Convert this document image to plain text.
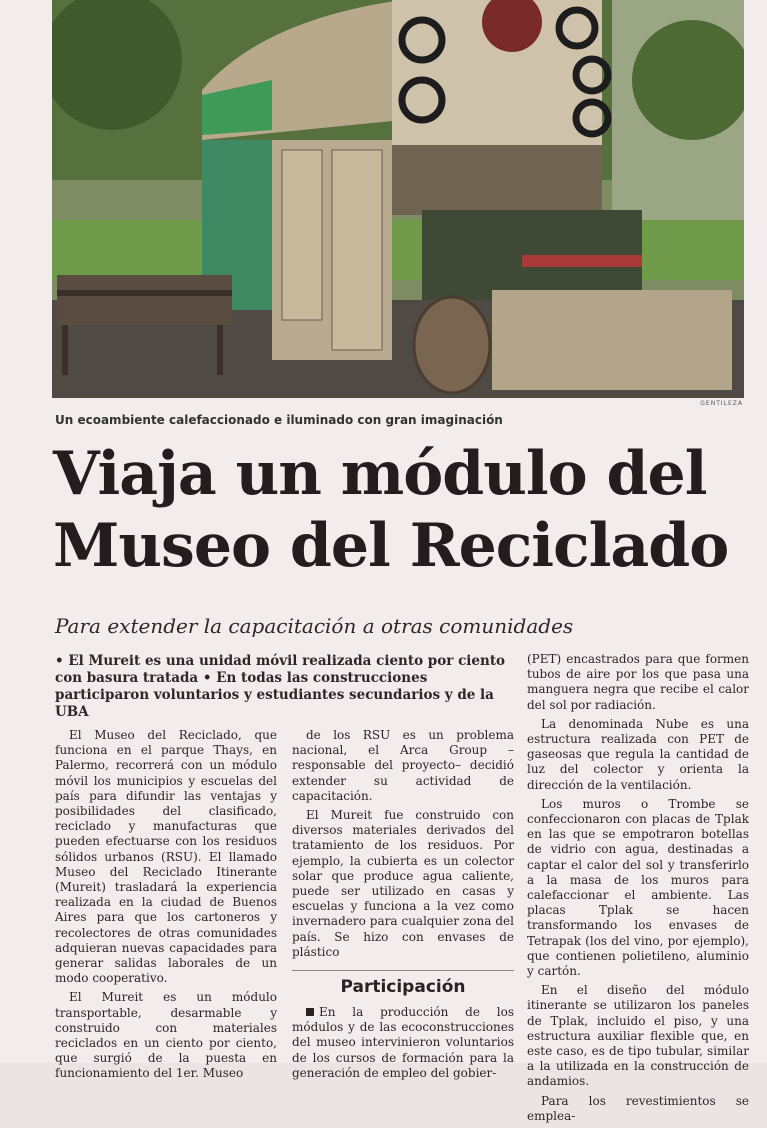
GENTILEZA
Un ecoambiente calefaccionado e iluminado con gran imaginación
Viaja un módulo del
Museo del Reciclado
Para extender la capacitación a otras comunidades
• El Mureit es una unidad móvil realizada ciento por ciento con basura tratada • En todas las construcciones participaron voluntarios y estudiantes secundarios y de la UBA

El Museo del Reciclado, que funciona en el parque Thays, en Palermo, recorrerá con un módulo móvil los municipios y escuelas del país para difundir las ventajas y posibilidades del clasificado, reciclado y manufacturas que pueden efectuarse con los residuos sólidos urbanos (RSU). El llamado Museo del Reciclado Itinerante (Mureit) trasladará la experiencia realizada en la ciudad de Buenos Aires para que los cartoneros y recolectores de otras comunidades adquieran nuevas capacidades para generar salidas laborales de un modo cooperativo.

El Mureit es un módulo transportable, desarmable y construido con materiales reciclados en un ciento por ciento, que surgió de la puesta en funcionamiento del 1er. Museo

de los RSU es un problema nacional, el Arca Group –responsable del proyecto– decidió extender su actividad de capacitación.

El Mureit fue construido con diversos materiales derivados del tratamiento de los residuos. Por ejemplo, la cubierta es un colector solar que produce agua caliente, puede ser utilizado en casas y escuelas y funciona a la vez como invernadero para cualquier zona del país. Se hizo con envases de plástico

Participación

En la producción de los módulos y de las ecoconstrucciones del museo intervinieron voluntarios de los cursos de formación para la generación de empleo del gobier-

(PET) encastrados para que formen tubos de aire por los que pasa una manguera negra que recibe el calor del sol por radiación.

La denominada Nube es una estructura realizada con PET de gaseosas que regula la cantidad de luz del colector y orienta la dirección de la ventilación.

Los muros o Trombe se confeccionaron con placas de Tplak en las que se empotraron botellas de vidrio con agua, destinadas a captar el calor del sol y transferirlo a la masa de los muros para calefaccionar el ambiente. Las placas Tplak se hacen transformando los envases de Tetrapak (los del vino, por ejemplo), que contienen polietileno, aluminio y cartón.

En el diseño del módulo itinerante se utilizaron los paneles de Tplak, incluido el piso, y una estructura auxiliar flexible que, en este caso, es de tipo tubular, similar a la utilizada en la construcción de andamios.

Para los revestimientos se emplea-
